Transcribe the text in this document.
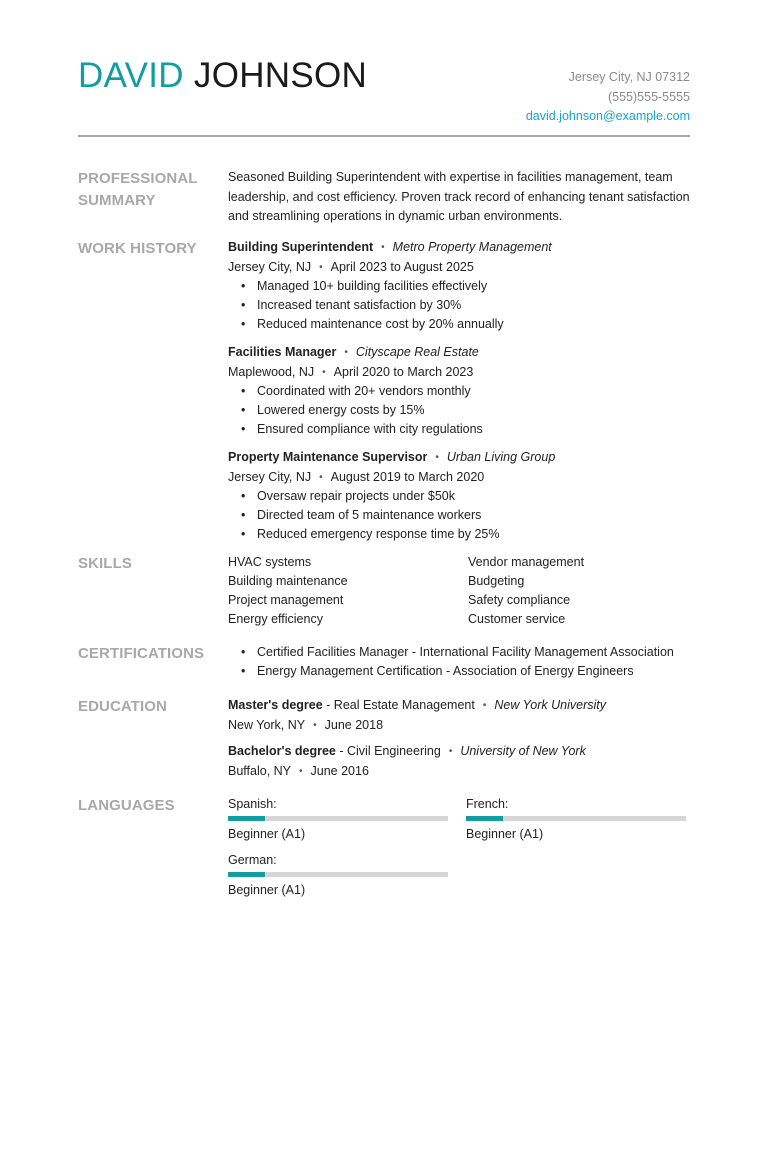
DAVID JOHNSON	Jersey City, NJ 07312
(555)555-5555
david.johnson@example.com
PROFESSIONAL SUMMARY
Seasoned Building Superintendent with expertise in facilities management, team leadership, and cost efficiency. Proven track record of enhancing tenant satisfaction and streamlining operations in dynamic urban environments.
WORK HISTORY	Building Superintendent • Metro Property Management
Jersey City, NJ • April 2023 to August 2025
• Managed 10+ building facilities effectively
• Increased tenant satisfaction by 30%
• Reduced maintenance cost by 20% annually
Facilities Manager • Cityscape Real Estate
Maplewood, NJ • April 2020 to March 2023
• Coordinated with 20+ vendors monthly
• Lowered energy costs by 15%
• Ensured compliance with city regulations
Property Maintenance Supervisor • Urban Living Group
Jersey City, NJ • August 2019 to March 2020
• Oversaw repair projects under $50k
• Directed team of 5 maintenance workers
• Reduced emergency response time by 25%
SKILLS	HVAC systems	Vendor management
Building maintenance	Budgeting
Project management	Safety compliance
Energy efficiency	Customer service
CERTIFICATIONS
•	Certified Facilities Manager - International Facility Management Association
• Energy Management Certification - Association of Energy Engineers
EDUCATION	Master's degree - Real Estate Management • New York University
New York, NY • June 2018
Bachelor's degree - Civil Engineering • University of New York
Buffalo, NY • June 2016
LANGUAGES	Spanish:
Beginner (A1)
French:
Beginner (A1)
German:
Beginner (A1)
